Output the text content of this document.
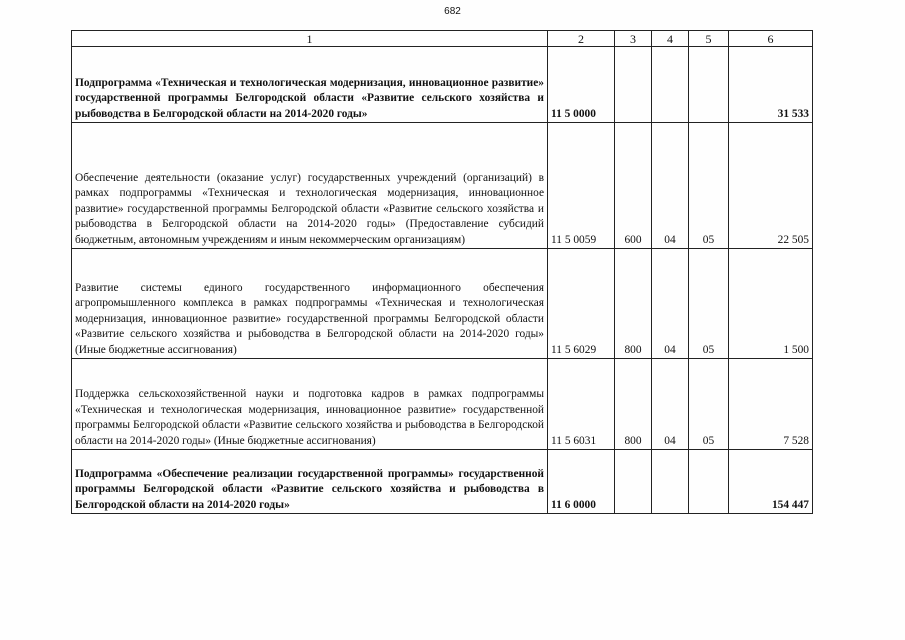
682
1	2	3	4	5	6

Подпрограмма «Техническая и технологическая модернизация, инновационное развитие» государственной программы Белгородской области «Развитие сельского хозяйства и рыбоводства в Белгородской области на 2014-2020 годы»	11 5 0000				31 533

Обеспечение деятельности (оказание услуг) государственных учреждений (организаций) в рамках подпрограммы «Техническая и технологическая модернизация, инновационное развитие» государственной программы Белгородской области «Развитие сельского хозяйства и рыбоводства в Белгородской области на 2014-2020 годы» (Предоставление субсидий бюджетным, автономным учреждениям и иным некоммерческим организациям)	11 5 0059	600	04	05	22 505

Развитие системы единого государственного информационного обеспечения агропромышленного комплекса в рамках подпрограммы «Техническая и технологическая модернизация, инновационное развитие» государственной программы Белгородской области «Развитие сельского хозяйства и рыбоводства в Белгородской области на 2014-2020 годы» (Иные бюджетные ассигнования)	11 5 6029	800	04	05	1 500

Поддержка сельскохозяйственной науки и подготовка кадров в рамках подпрограммы «Техническая и технологическая модернизация, инновационное развитие» государственной программы Белгородской области «Развитие сельского хозяйства и рыбоводства в Белгородской области на 2014-2020 годы» (Иные бюджетные ассигнования)	11 5 6031	800	04	05	7 528

Подпрограмма «Обеспечение реализации государственной программы» государственной программы Белгородской области «Развитие сельского хозяйства и рыбоводства в Белгородской области на 2014-2020 годы»	11 6 0000				154 447
